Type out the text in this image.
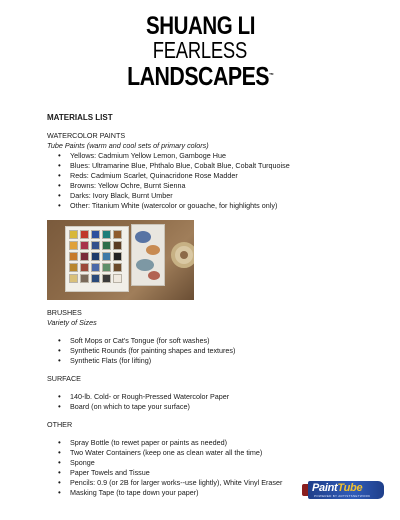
SHUANG LI
FEARLESS
LANDSCAPES™
MATERIALS LIST
WATERCOLOR PAINTS
Tube Paints (warm and cool sets of primary colors)
• Yellows: Cadmium Yellow Lemon, Gamboge Hue
• Blues: Ultramarine Blue, Phthalo Blue, Cobalt Blue, Cobalt Turquoise
• Reds: Cadmium Scarlet, Quinacridone Rose Madder
• Browns: Yellow Ochre, Burnt Sienna
• Darks: Ivory Black, Burnt Umber
• Other: Titanium White (watercolor or gouache, for highlights only)
BRUSHES
Variety of Sizes
• Soft Mops or Cat's Tongue (for soft washes)
• Synthetic Rounds (for painting shapes and textures)
• Synthetic Flats (for lifting)
SURFACE
• 140-lb. Cold- or Rough-Pressed Watercolor Paper
• Board (on which to tape your surface)
OTHER
• Spray Bottle (to rewet paper or paints as needed)
• Two Water Containers (keep one as clean water all the time)
• Sponge
• Paper Towels and Tissue
• Pencils: 0.9 (or 2B for larger works--use lightly), White Vinyl Eraser
• Masking Tape (to tape down your paper)	PaintTube
POWERED BY ARTISTSNETWORK
